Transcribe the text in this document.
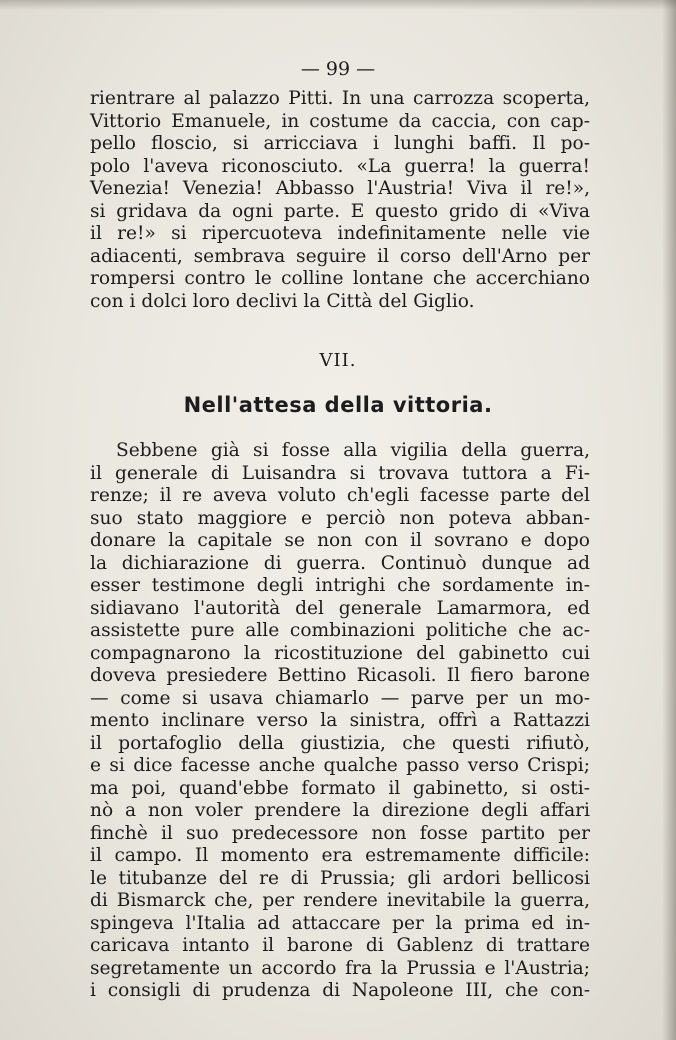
— 99 —
rientrare al palazzo Pitti. In una carrozza scoperta,
Vittorio Emanuele, in costume da caccia, con cap-
pello floscio, si arricciava i lunghi baffi. Il po-
polo l'aveva riconosciuto. «La guerra! la guerra!
Venezia! Venezia! Abbasso l'Austria! Viva il re!»,
si gridava da ogni parte. E questo grido di «Viva
il re!» si ripercuoteva indefinitamente nelle vie
adiacenti, sembrava seguire il corso dell'Arno per
rompersi contro le colline lontane che accerchiano
con i dolci loro declivi la Città del Giglio.
VII.
Nell'attesa della vittoria.
Sebbene già si fosse alla vigilia della guerra,
il generale di Luisandra si trovava tuttora a Fi-
renze; il re aveva voluto ch'egli facesse parte del
suo stato maggiore e perciò non poteva abban-
donare la capitale se non con il sovrano e dopo
la dichiarazione di guerra. Continuò dunque ad
esser testimone degli intrighi che sordamente in-
sidiavano l'autorità del generale Lamarmora, ed
assistette pure alle combinazioni politiche che ac-
compagnarono la ricostituzione del gabinetto cui
doveva presiedere Bettino Ricasoli. Il fiero barone
— come si usava chiamarlo — parve per un mo-
mento inclinare verso la sinistra, offrì a Rattazzi
il portafoglio della giustizia, che questi rifiutò,
e si dice facesse anche qualche passo verso Crispi;
ma poi, quand'ebbe formato il gabinetto, si osti-
nò a non voler prendere la direzione degli affari
finchè il suo predecessore non fosse partito per
il campo. Il momento era estremamente difficile:
le titubanze del re di Prussia; gli ardori bellicosi
di Bismarck che, per rendere inevitabile la guerra,
spingeva l'Italia ad attaccare per la prima ed in-
caricava intanto il barone di Gablenz di trattare
segretamente un accordo fra la Prussia e l'Austria;
i consigli di prudenza di Napoleone III, che con-
